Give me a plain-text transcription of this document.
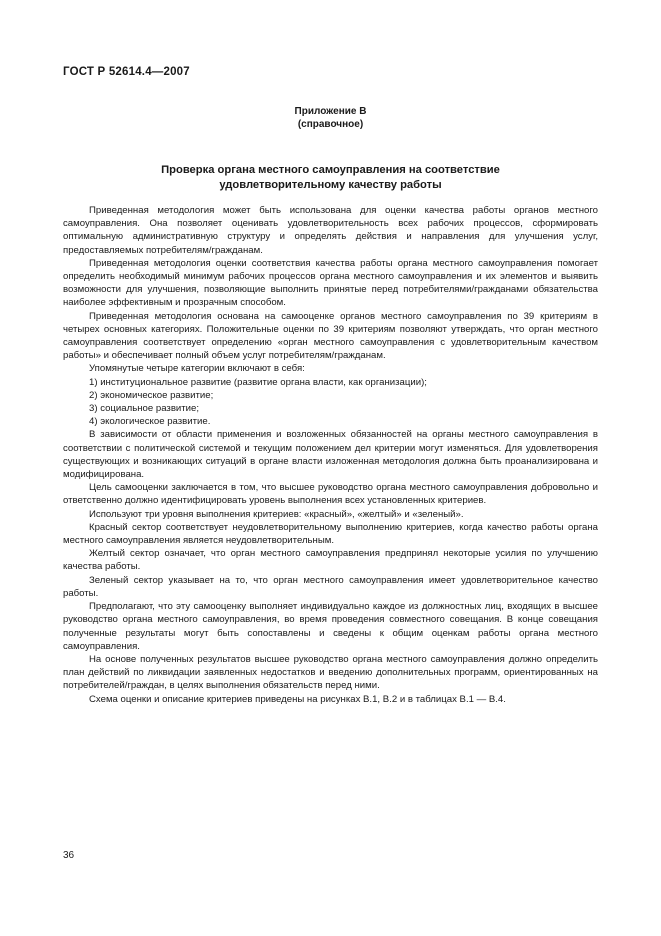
ГОСТ Р 52614.4—2007
Приложение В
(справочное)
Проверка органа местного самоуправления на соответствие
удовлетворительному качеству работы

Приведенная методология может быть использована для оценки качества работы органов местного самоуправления. Она позволяет оценивать удовлетворительность всех рабочих процессов, сформировать оптимальную административную структуру и определять действия и направления для улучшения услуг, предоставляемых потребителям/гражданам.

Приведенная методология оценки соответствия качества работы органа местного самоуправления помогает определить необходимый минимум рабочих процессов органа местного самоуправления и их элементов и выявить возможности для улучшения, позволяющие выполнить принятые перед потребителями/гражданами обязательства наиболее эффективным и прозрачным способом.

Приведенная методология основана на самооценке органов местного самоуправления по 39 критериям в четырех основных категориях. Положительные оценки по 39 критериям позволяют утверждать, что орган местного самоуправления соответствует определению «орган местного самоуправления с удовлетворительным качеством работы» и обеспечивает полный объем услуг потребителям/гражданам.

Упомянутые четыре категории включают в себя:

1) институциональное развитие (развитие органа власти, как организации);

2) экономическое развитие;

3) социальное развитие;

4) экологическое развитие.

В зависимости от области применения и возложенных обязанностей на органы местного самоуправления в соответствии с политической системой и текущим положением дел критерии могут изменяться. Для удовлетворения существующих и возникающих ситуаций в органе власти изложенная методология должна быть проанализирована и модифицирована.

Цель самооценки заключается в том, что высшее руководство органа местного самоуправления добровольно и ответственно должно идентифицировать уровень выполнения всех установленных критериев.

Используют три уровня выполнения критериев: «красный», «желтый» и «зеленый».

Красный сектор соответствует неудовлетворительному выполнению критериев, когда качество работы органа местного самоуправления является неудовлетворительным.

Желтый сектор означает, что орган местного самоуправления предпринял некоторые усилия по улучшению качества работы.

Зеленый сектор указывает на то, что орган местного самоуправления имеет удовлетворительное качество работы.

Предполагают, что эту самооценку выполняет индивидуально каждое из должностных лиц, входящих в высшее руководство органа местного самоуправления, во время проведения совместного совещания. В конце совещания полученные результаты могут быть сопоставлены и сведены к общим оценкам работы органа местного самоуправления.

На основе полученных результатов высшее руководство органа местного самоуправления должно определить план действий по ликвидации заявленных недостатков и введению дополнительных программ, ориентированных на потребителей/граждан, в целях выполнения обязательств перед ними.

Схема оценки и описание критериев приведены на рисунках В.1, В.2 и в таблицах В.1 — В.4.

36
